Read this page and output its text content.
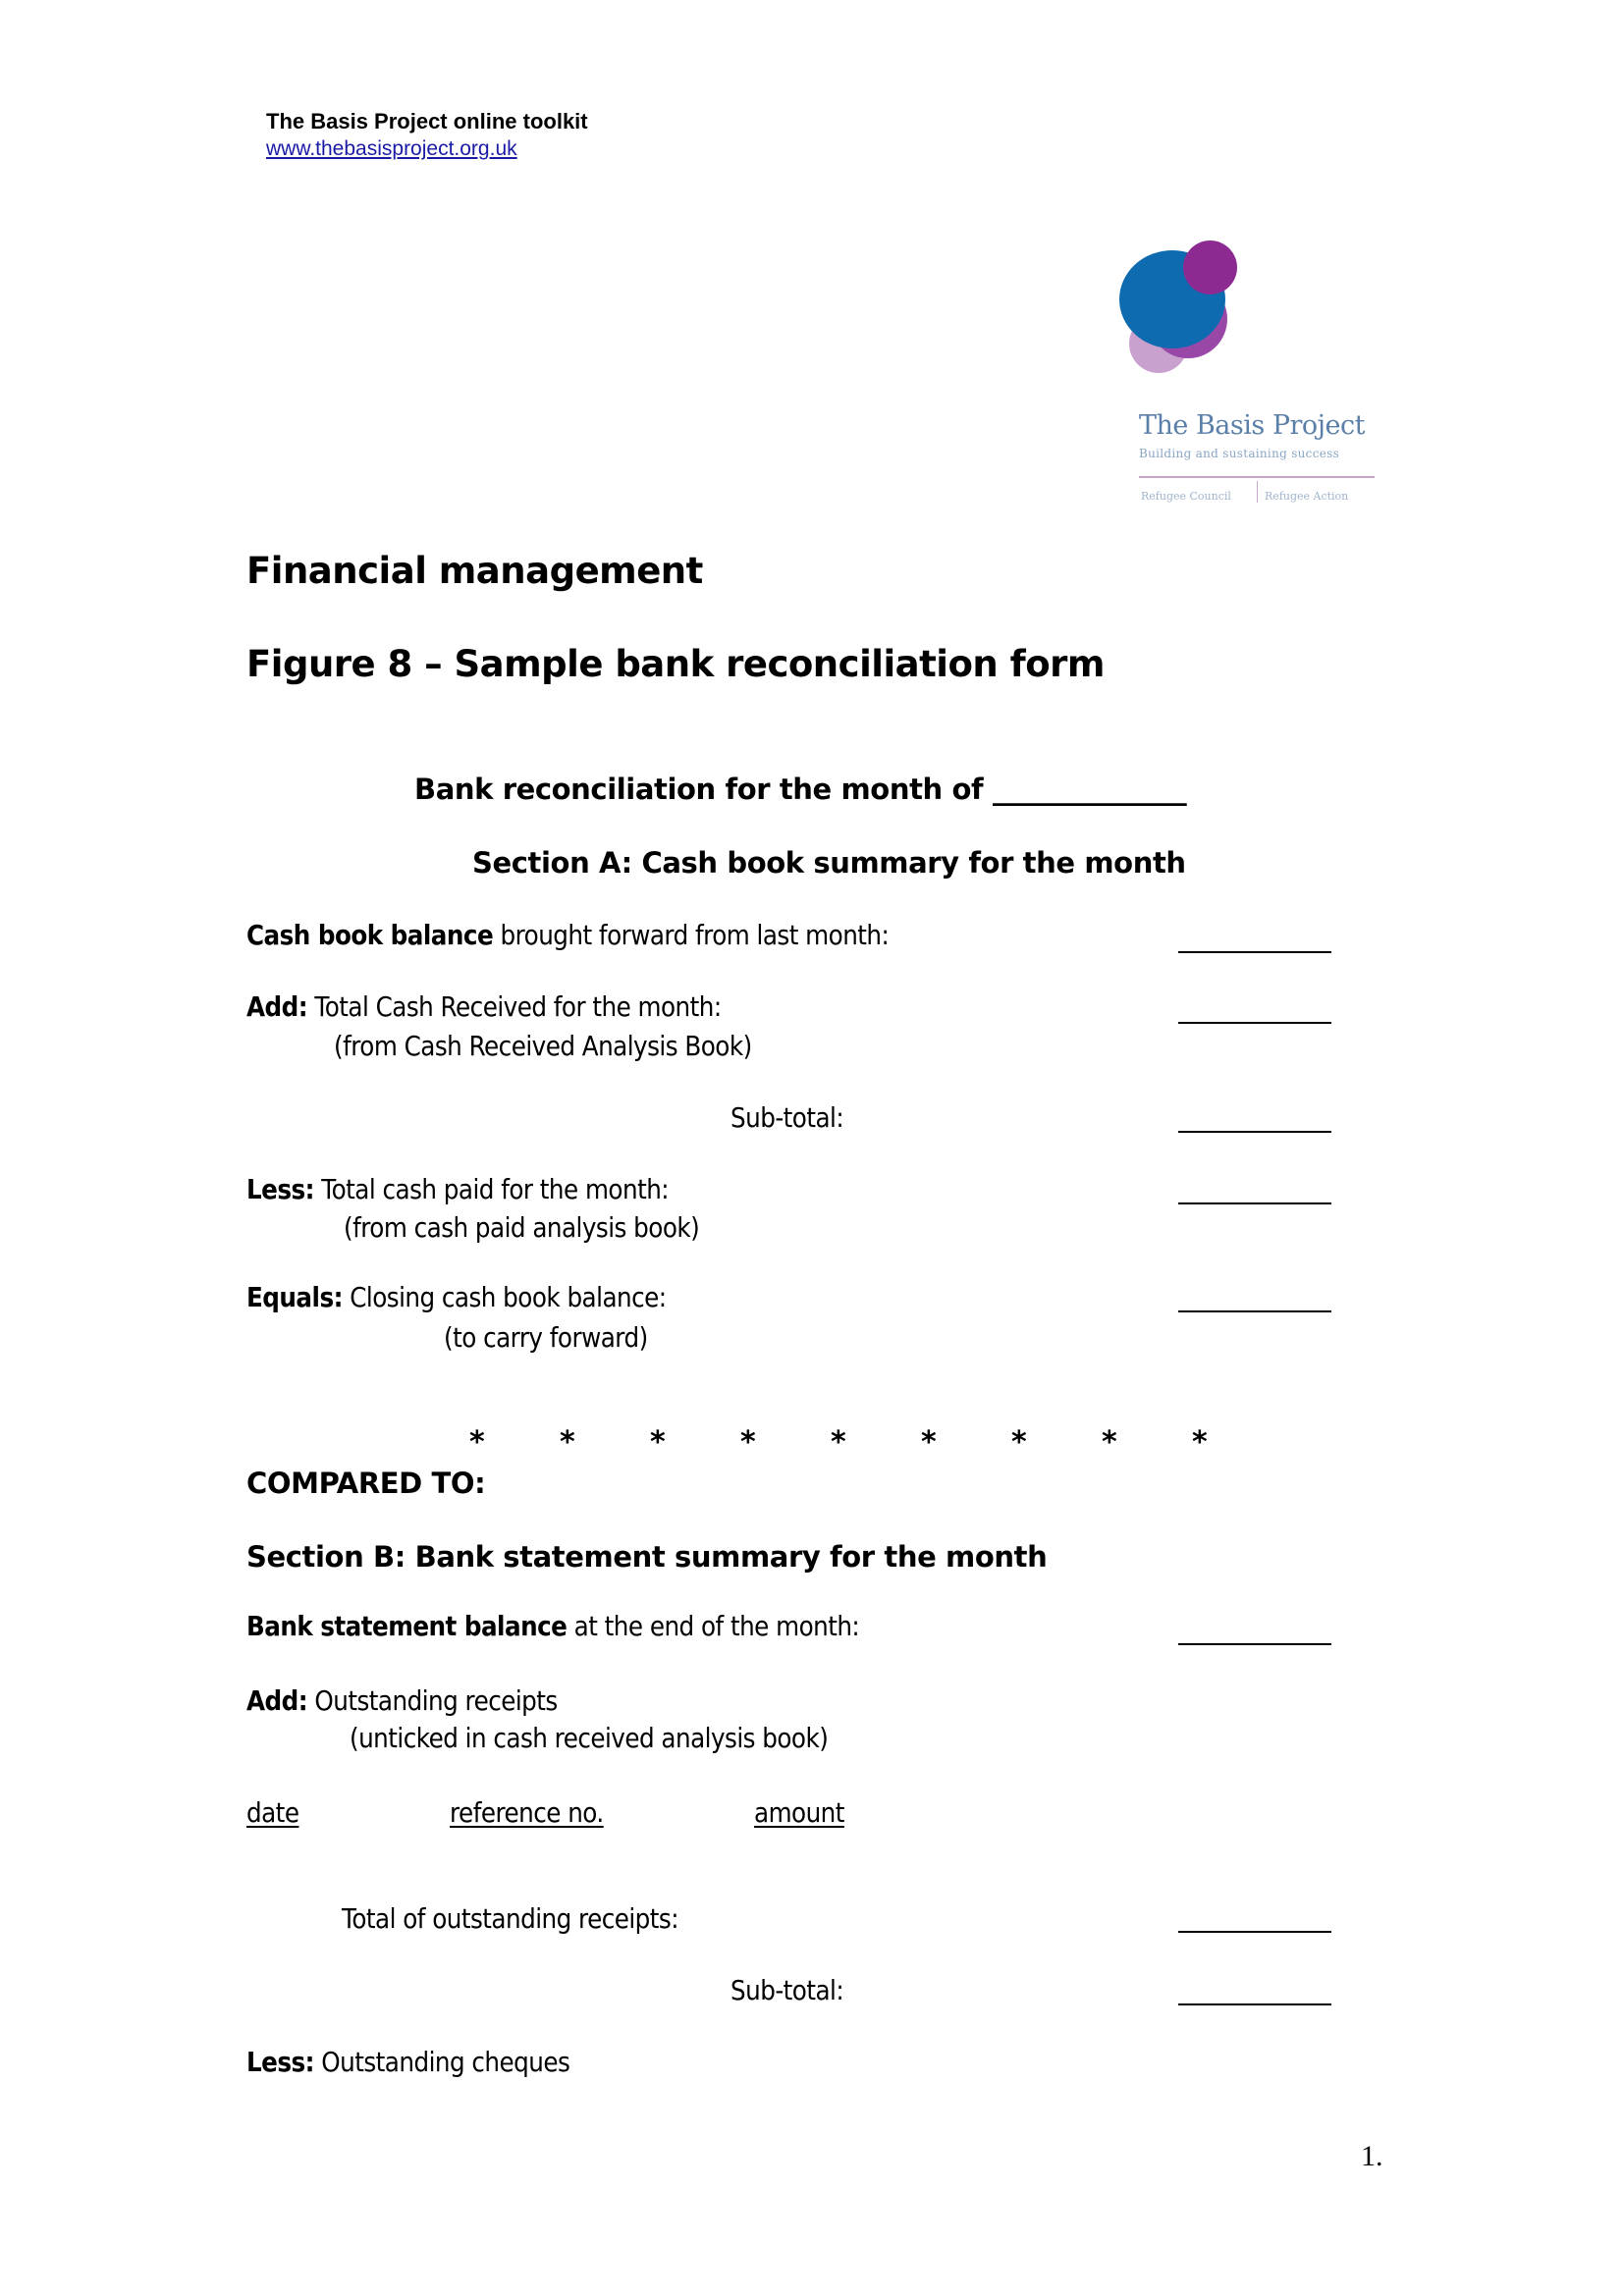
The Basis Project online toolkit
www.thebasisproject.org.uk
The Basis Project
Building and sustaining success
Refugee Council	Refugee Action
Financial management
Figure 8 – Sample bank reconciliation form
Bank reconciliation for the month of ______________
Section A: Cash book summary for the month
Cash book balance brought forward from last month:
Add: Total Cash Received for the month:
(from Cash Received Analysis Book)
Sub-total:
Less: Total cash paid for the month:
(from cash paid analysis book)
Equals: Closing cash book balance:
(to carry forward)
*	*	*	*	*	*	*	*	*
COMPARED TO:
Section B: Bank statement summary for the month
Bank statement balance at the end of the month:
Add: Outstanding receipts
(unticked in cash received analysis book)
date	reference no.	amount
Total of outstanding receipts:
Sub-total:
Less: Outstanding cheques
1.
